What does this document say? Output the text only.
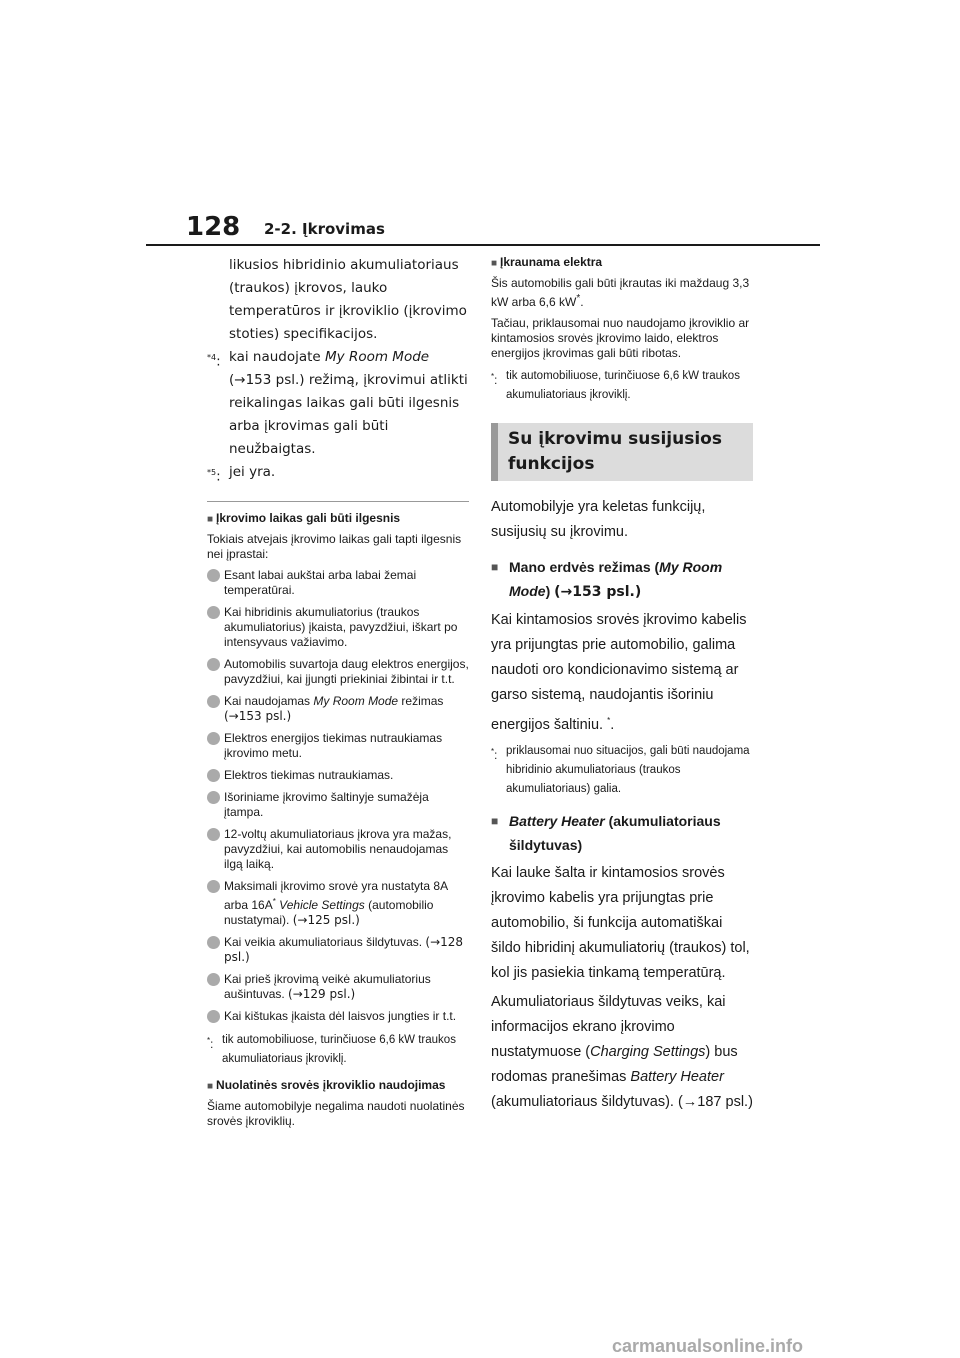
128 2-2. Įkrovimas

likusios hibridinio akumuliatoriaus (traukos) įkrovos, lauko temperatūros ir įkroviklio (įkrovimo stoties) specifikacijos.

$^{*4}$: kai naudojate My Room Mode (→153 psl.) režimą, įkrovimui atlikti reikalingas laikas gali būti ilgesnis arba įkrovimas gali būti neužbaigtas.
$^{*5}$: jei yra.

■ Įkrovimo laikas gali būti ilgesnis

Tokiais atvejais įkrovimo laikas gali tapti ilgesnis nei įprastai:

Esant labai aukštai arba labai žemai temperatūrai.
Kai hibridinis akumuliatorius (traukos akumuliatorius) įkaista, pavyzdžiui, iškart po intensyvaus važiavimo.
Automobilis suvartoja daug elektros energijos, pavyzdžiui, kai įjungti priekiniai žibintai ir t.t.
Kai naudojamas My Room Mode režimas (→153 psl.)
Elektros energijos tiekimas nutraukiamas įkrovimo metu.
Elektros tiekimas nutraukiamas.
Išoriniame įkrovimo šaltinyje sumažėja įtampa.
12-voltų akumuliatoriaus įkrova yra mažas, pavyzdžiui, kai automobilis nenaudojamas ilgą laiką.
Maksimali įkrovimo srovė yra nustatyta 8A arba 16A* Vehicle Settings (automobilio nustatymai). (→125 psl.)
Kai veikia akumuliatoriaus šildytuvas. (→128 psl.)
Kai prieš įkrovimą veikė akumuliatorius aušintuvas. (→129 psl.)
Kai kištukas įkaista dėl laisvos jungties ir t.t.
*: tik automobiliuose, turinčiuose 6,6 kW traukos akumuliatoriaus įkroviklį.

■ Nuolatinės srovės įkroviklio naudojimas

Šiame automobilyje negalima naudoti nuolatinės srovės įkroviklių.

■ Įkraunama elektra

Šis automobilis gali būti įkrautas iki maždaug 3,3 kW arba 6,6 kW*.

Tačiau, priklausomai nuo naudojamo įkroviklio ar kintamosios srovės įkrovimo laido, elektros energijos įkrovimas gali būti ribotas.

*: tik automobiliuose, turinčiuose 6,6 kW traukos akumuliatoriaus įkroviklį.
Su įkrovimu susijusios funkcijos

Automobilyje yra keletas funkcijų, susijusių su įkrovimu.

■ Mano erdvės režimas (My Room Mode) (→153 psl.)

Kai kintamosios srovės įkrovimo kabelis yra prijungtas prie automobilio, galima naudoti oro kondicionavimo sistemą ar garso sistemą, naudojantis išoriniu energijos šaltiniu. *.

*: priklausomai nuo situacijos, gali būti naudojama hibridinio akumuliatoriaus (traukos akumuliatoriaus) galia.
■ Battery Heater (akumuliatoriaus šildytuvas)

Kai lauke šalta ir kintamosios srovės įkrovimo kabelis yra prijungtas prie automobilio, ši funkcija automatiškai šildo hibridinį akumuliatorių (traukos) tol, kol jis pasiekia tinkamą temperatūrą.

Akumuliatoriaus šildytuvas veiks, kai informacijos ekrano įkrovimo nustatymuose (Charging Settings) bus rodomas pranešimas Battery Heater (akumuliatoriaus šildytuvas). (→187 psl.)

carmanualsonline.info
